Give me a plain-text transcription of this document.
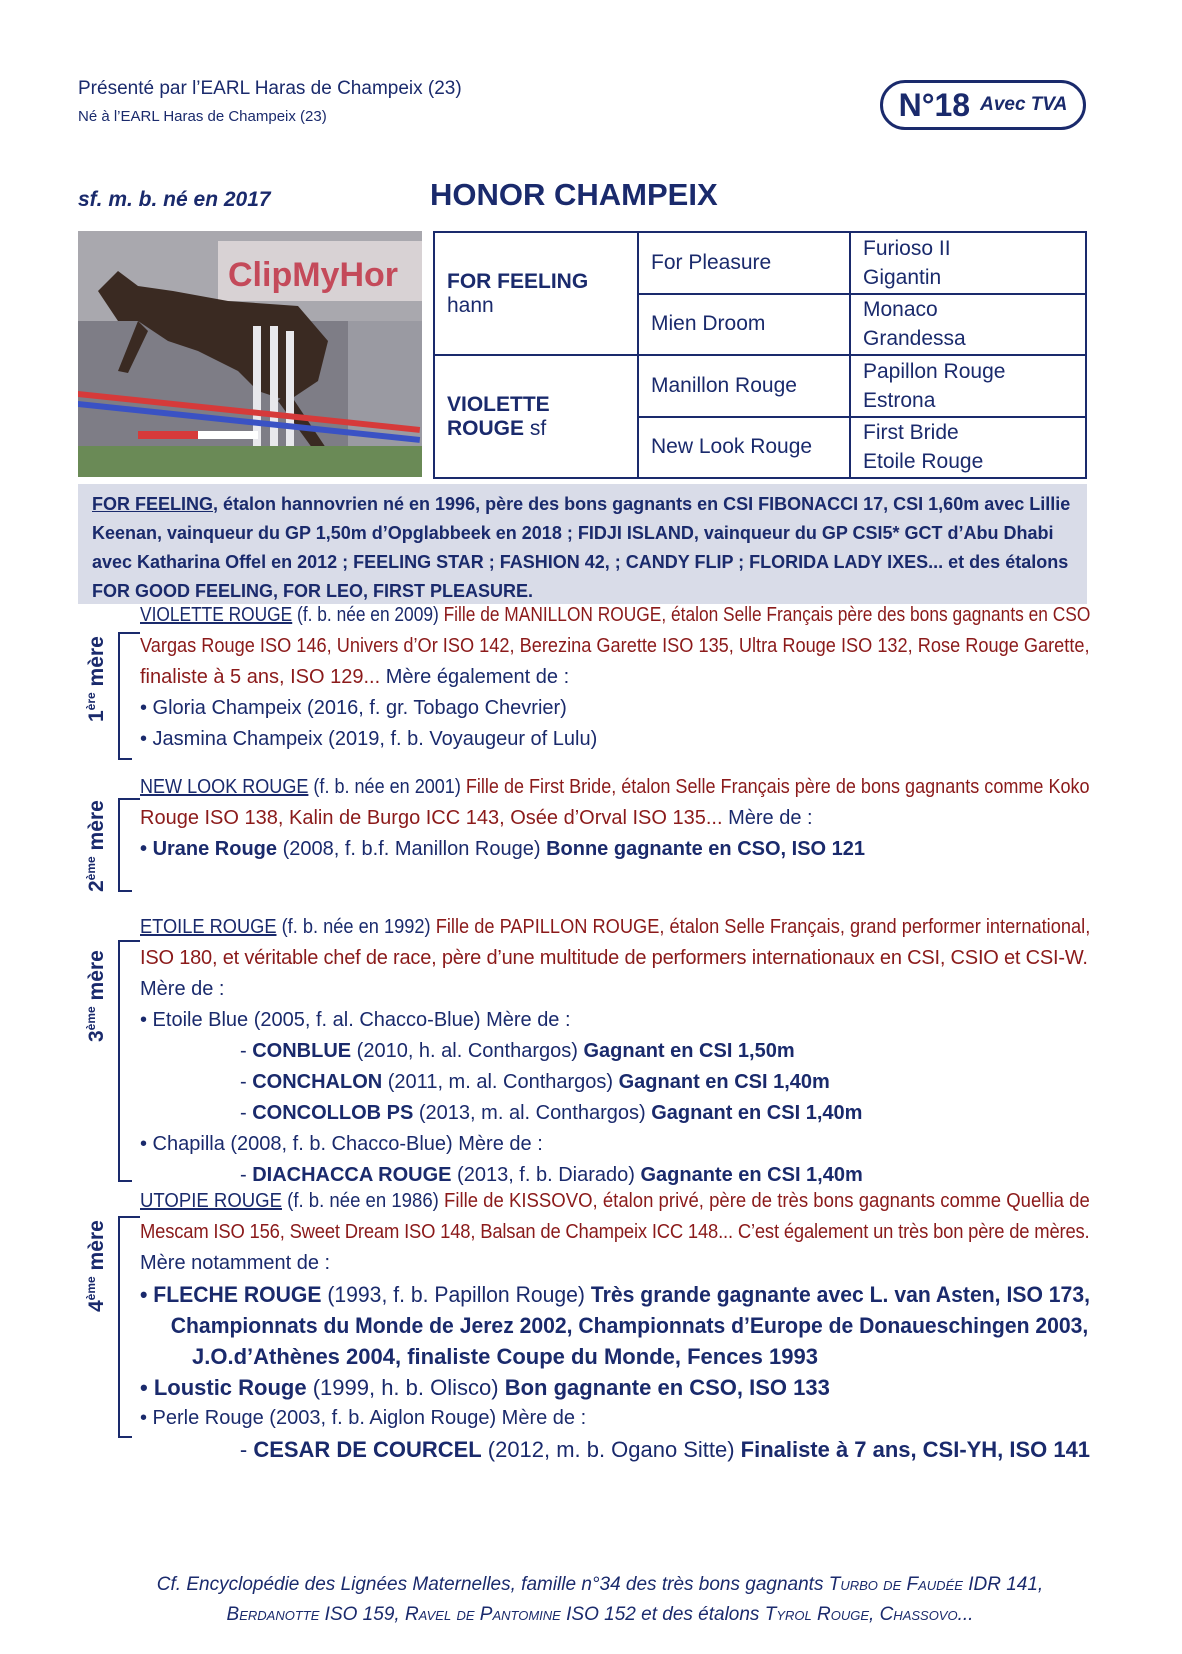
Présenté par l’EARL Haras de Champeix (23)
Né à l’EARL Haras de Champeix (23)	N°18 Avec TVA
sf. m. b. né en 2017	HONOR CHAMPEIX
ClipMyHor FOR FEELING hann	For Pleasure	Furioso II
Gigantin

	Mien Droom	Monaco
Grandessa

VIOLETTE ROUGE sf	Manillon Rouge	Papillon Rouge
Estrona

	New Look Rouge	First Bride
Etoile Rouge
FOR FEELING, étalon hannovrien né en 1996, père des bons gagnants en CSI FIBONACCI 17, CSI 1,60m avec Lillie
Keenan, vainqueur du GP 1,50m d’Opglabbeek en 2018 ; FIDJI ISLAND, vainqueur du GP CSI5* GCT d’Abu Dhabi
avec Katharina Offel en 2012 ; FEELING STAR ; FASHION 42, ; CANDY FLIP ; FLORIDA LADY IXES... et des étalons
FOR GOOD FEELING, FOR LEO, FIRST PLEASURE.
1ère mère
VIOLETTE ROUGE (f. b. née en 2009) Fille de MANILLON ROUGE, étalon Selle Français père des bons gagnants en CSO
Vargas Rouge ISO 146, Univers d’Or ISO 142, Berezina Garette ISO 135, Ultra Rouge ISO 132, Rose Rouge Garette,
finaliste à 5 ans, ISO 129... Mère également de :
• Gloria Champeix (2016, f. gr. Tobago Chevrier)
• Jasmina Champeix (2019, f. b. Voyaugeur of Lulu)
2ème mère
NEW LOOK ROUGE (f. b. née en 2001) Fille de First Bride, étalon Selle Français père de bons gagnants comme Koko
Rouge ISO 138, Kalin de Burgo ICC 143, Osée d’Orval ISO 135... Mère de :
• Urane Rouge (2008, f. b.f. Manillon Rouge) Bonne gagnante en CSO, ISO 121
3ème mère
ETOILE ROUGE (f. b. née en 1992) Fille de PAPILLON ROUGE, étalon Selle Français, grand performer international,
ISO 180, et véritable chef de race, père d’une multitude de performers internationaux en CSI, CSIO et CSI-W.
Mère de :
• Etoile Blue (2005, f. al. Chacco-Blue) Mère de :
- CONBLUE (2010, h. al. Conthargos) Gagnant en CSI 1,50m
- CONCHALON (2011, m. al. Conthargos) Gagnant en CSI 1,40m
- CONCOLLOB PS (2013, m. al. Conthargos) Gagnant en CSI 1,40m
• Chapilla (2008, f. b. Chacco-Blue) Mère de :
- DIACHACCA ROUGE (2013, f. b. Diarado) Gagnante en CSI 1,40m
4ème mère
UTOPIE ROUGE (f. b. née en 1986) Fille de KISSOVO, étalon privé, père de très bons gagnants comme Quellia de
Mescam ISO 156, Sweet Dream ISO 148, Balsan de Champeix ICC 148... C’est également un très bon père de mères.
Mère notamment de :
• FLECHE ROUGE (1993, f. b. Papillon Rouge) Très grande gagnante avec L. van Asten, ISO 173,
Championnats du Monde de Jerez 2002, Championnats d’Europe de Donaueschingen 2003,
J.O.d’Athènes 2004, finaliste Coupe du Monde, Fences 1993
• Loustic Rouge (1999, h. b. Olisco) Bon gagnante en CSO, ISO 133
• Perle Rouge (2003, f. b. Aiglon Rouge) Mère de :
- CESAR DE COURCEL (2012, m. b. Ogano Sitte) Finaliste à 7 ans, CSI-YH, ISO 141
Cf. Encyclopédie des Lignées Maternelles, famille n°34 des très bons gagnants Turbo de Faudée IDR 141,
Berdanotte ISO 159, Ravel de Pantomine ISO 152 et des étalons Tyrol Rouge, Chassovo...
